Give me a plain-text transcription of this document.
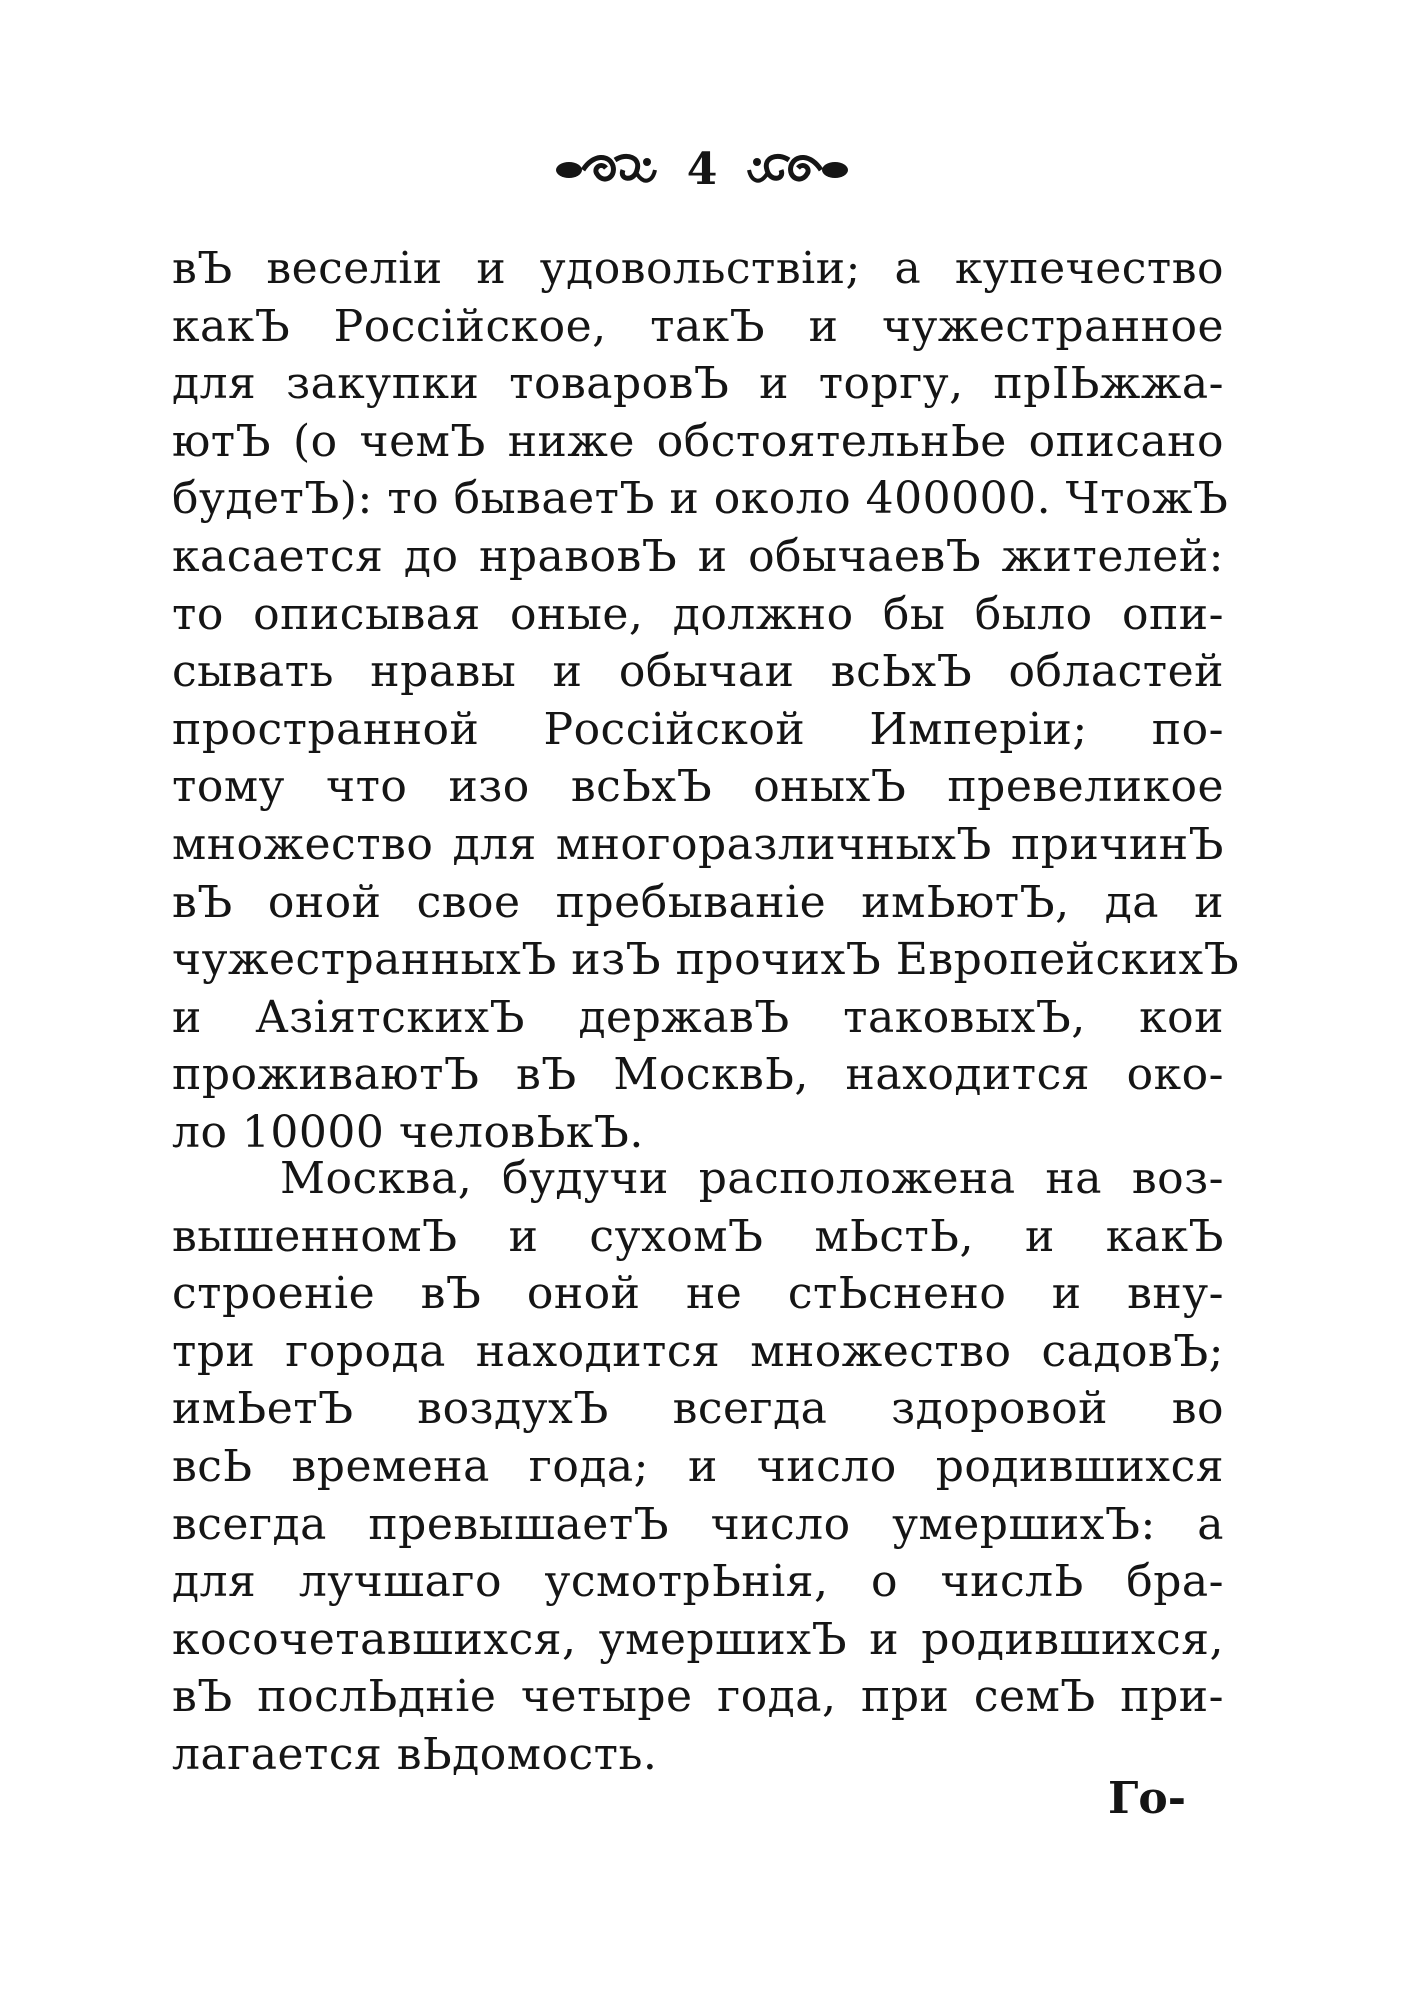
4
вЪ веселіи и удовольствіи; а купечество
какЪ Россійское, такЪ и чужестранное
для закупки товаровЪ и торгу, прІЬжжа-
ютЪ (о чемЪ ниже обстоятельнЬе описано
будетЪ): то бываетЪ и около 400000. ЧтожЪ
касается до нравовЪ и обычаевЪ жителей:
то описывая оные, должно бы было опи-
сывать нравы и обычаи всЬхЪ областей
пространной Россійской Имперіи; по-
тому что изо всЬхЪ оныхЪ превеликое
множество для многоразличныхЪ причинЪ
вЪ оной свое пребываніе имЬютЪ, да и
чужестранныхЪ изЪ прочихЪ ЕвропейскихЪ
и АзіятскихЪ державЪ таковыхЪ, кои
проживаютЪ вЪ МосквЬ, находится око-
ло 10000 человЬкЪ.
Москва, будучи расположена на воз-
вышенномЪ и сухомЪ мЬстЬ, и какЪ
строеніе вЪ оной не стЬснено и вну-
три города находится множество садовЪ;
имЬетЪ воздухЪ всегда здоровой во
всЬ времена года; и число родившихся
всегда превышаетЪ число умершихЪ: а
для лучшаго усмотрЬнія, о числЬ бра-
косочетавшихся, умершихЪ и родившихся,
вЪ послЬдніе четыре года, при семЪ при-
лагается вЬдомость.
Го-
